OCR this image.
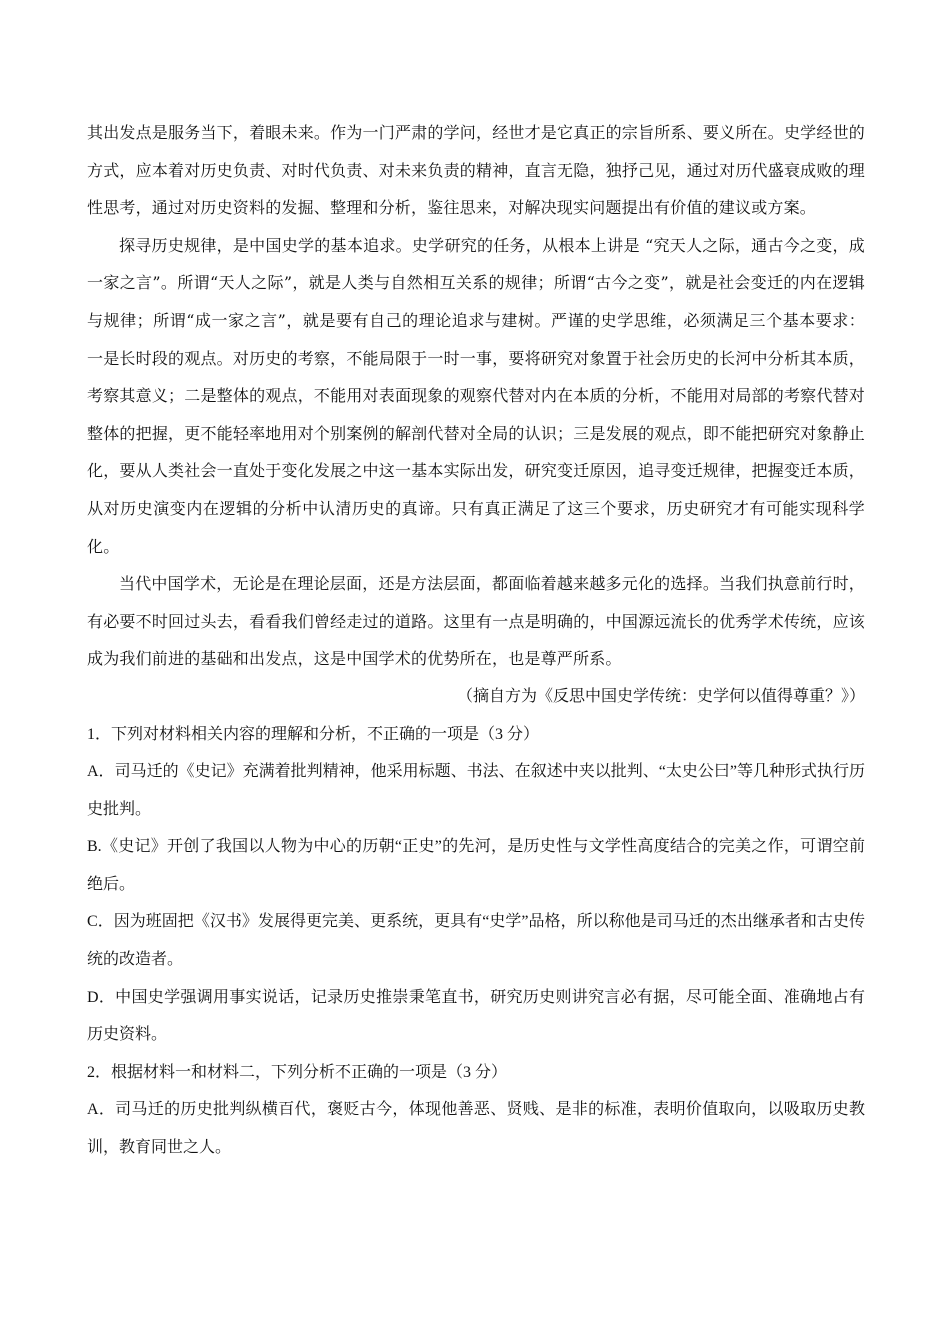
其出发点是服务当下，着眼未来。作为一门严肃的学问，经世才是它真正的宗旨所系、要义所在。史学经世的方式，应本着对历史负责、对时代负责、对未来负责的精神，直言无隐，独抒己见，通过对历代盛衰成败的理性思考，通过对历史资料的发掘、整理和分析，鉴往思来，对解决现实问题提出有价值的建议或方案。

探寻历史规律，是中国史学的基本追求。史学研究的任务，从根本上讲是 “究天人之际，通古今之变，成一家之言”。所谓“天人之际”，就是人类与自然相互关系的规律；所谓“古今之变”，就是社会变迁的内在逻辑与规律；所谓“成一家之言”，就是要有自己的理论追求与建树。严谨的史学思维，必须满足三个基本要求：一是长时段的观点。对历史的考察，不能局限于一时一事，要将研究对象置于社会历史的长河中分析其本质，考察其意义；二是整体的观点，不能用对表面现象的观察代替对内在本质的分析，不能用对局部的考察代替对整体的把握，更不能轻率地用对个别案例的解剖代替对全局的认识；三是发展的观点，即不能把研究对象静止化，要从人类社会一直处于变化发展之中这一基本实际出发，研究变迁原因，追寻变迁规律，把握变迁本质，从对历史演变内在逻辑的分析中认清历史的真谛。只有真正满足了这三个要求，历史研究才有可能实现科学化。

当代中国学术，无论是在理论层面，还是方法层面，都面临着越来越多元化的选择。当我们执意前行时，有必要不时回过头去，看看我们曾经走过的道路。这里有一点是明确的，中国源远流长的优秀学术传统，应该成为我们前进的基础和出发点，这是中国学术的优势所在，也是尊严所系。

（摘自方为《反思中国史学传统：史学何以值得尊重？》）

1．下列对材料相关内容的理解和分析，不正确的一项是（3 分）

A．司马迁的《史记》充满着批判精神，他采用标题、书法、在叙述中夹以批判、“太史公曰”等几种形式执行历史批判。

B.《史记》开创了我国以人物为中心的历朝“正史”的先河，是历史性与文学性高度结合的完美之作，可谓空前绝后。

C．因为班固把《汉书》发展得更完美、更系统，更具有“史学”品格，所以称他是司马迁的杰出继承者和古史传统的改造者。

D．中国史学强调用事实说话，记录历史推崇秉笔直书，研究历史则讲究言必有据，尽可能全面、准确地占有历史资料。

2．根据材料一和材料二，下列分析不正确的一项是（3 分）

A．司马迁的历史批判纵横百代，褒贬古今，体现他善恶、贤贱、是非的标准，表明价值取向，以吸取历史教训，教育同世之人。
